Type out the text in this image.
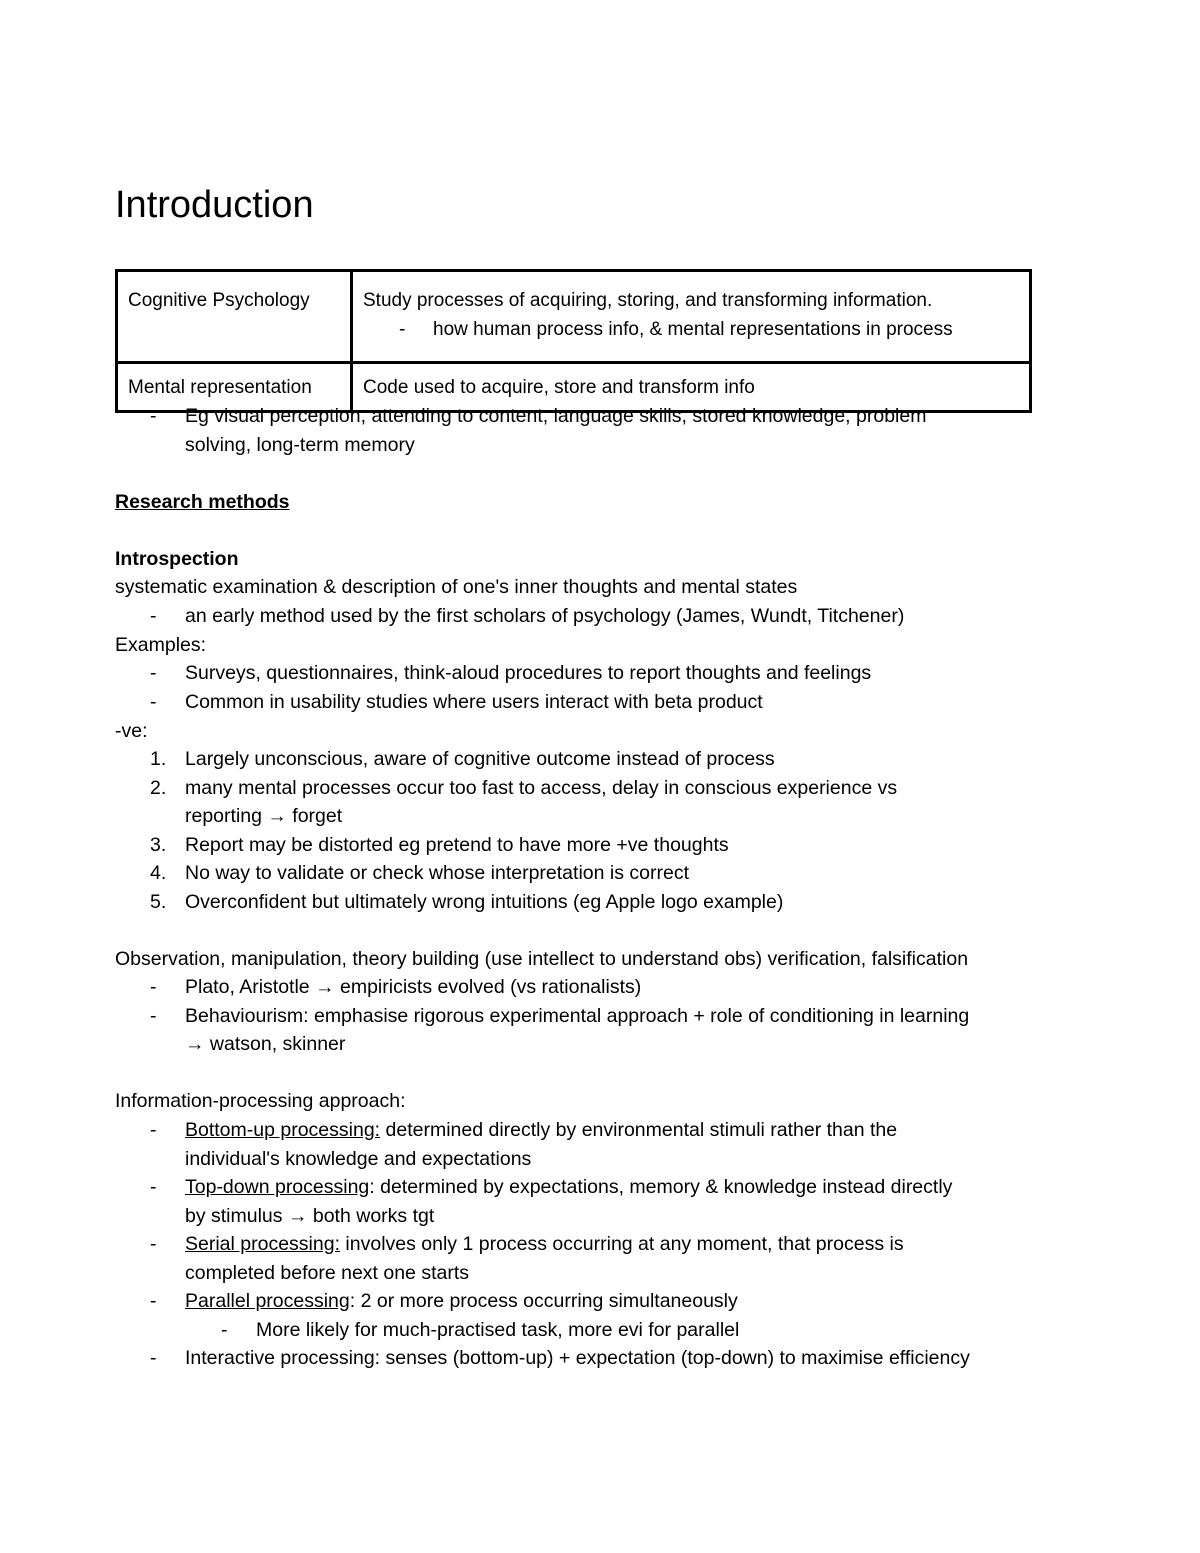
Introduction
Cognitive Psychology	Study processes of acquiring, storing, and transforming information.
- how human process info, & mental representations in process

Mental representation	Code used to acquire, store and transform info
- Eg visual perception, attending to content, language skills, stored knowledge, problem
solving, long-term memory
Research methods
Introspection
systematic examination & description of one's inner thoughts and mental states
- an early method used by the first scholars of psychology (James, Wundt, Titchener)
Examples:
- Surveys, questionnaires, think-aloud procedures to report thoughts and feelings
- Common in usability studies where users interact with beta product
-ve:
1. Largely unconscious, aware of cognitive outcome instead of process
2. many mental processes occur too fast to access, delay in conscious experience vs
reporting → forget
3. Report may be distorted eg pretend to have more +ve thoughts
4. No way to validate or check whose interpretation is correct
5. Overconfident but ultimately wrong intuitions (eg Apple logo example)
Observation, manipulation, theory building (use intellect to understand obs) verification, falsification
- Plato, Aristotle → empiricists evolved (vs rationalists)
- Behaviourism: emphasise rigorous experimental approach + role of conditioning in learning
→ watson, skinner
Information-processing approach:
- Bottom-up processing: determined directly by environmental stimuli rather than the
individual's knowledge and expectations
- Top-down processing: determined by expectations, memory & knowledge instead directly
by stimulus → both works tgt
- Serial processing: involves only 1 process occurring at any moment, that process is
completed before next one starts
- Parallel processing: 2 or more process occurring simultaneously
- More likely for much-practised task, more evi for parallel
- Interactive processing: senses (bottom-up) + expectation (top-down) to maximise efficiency
